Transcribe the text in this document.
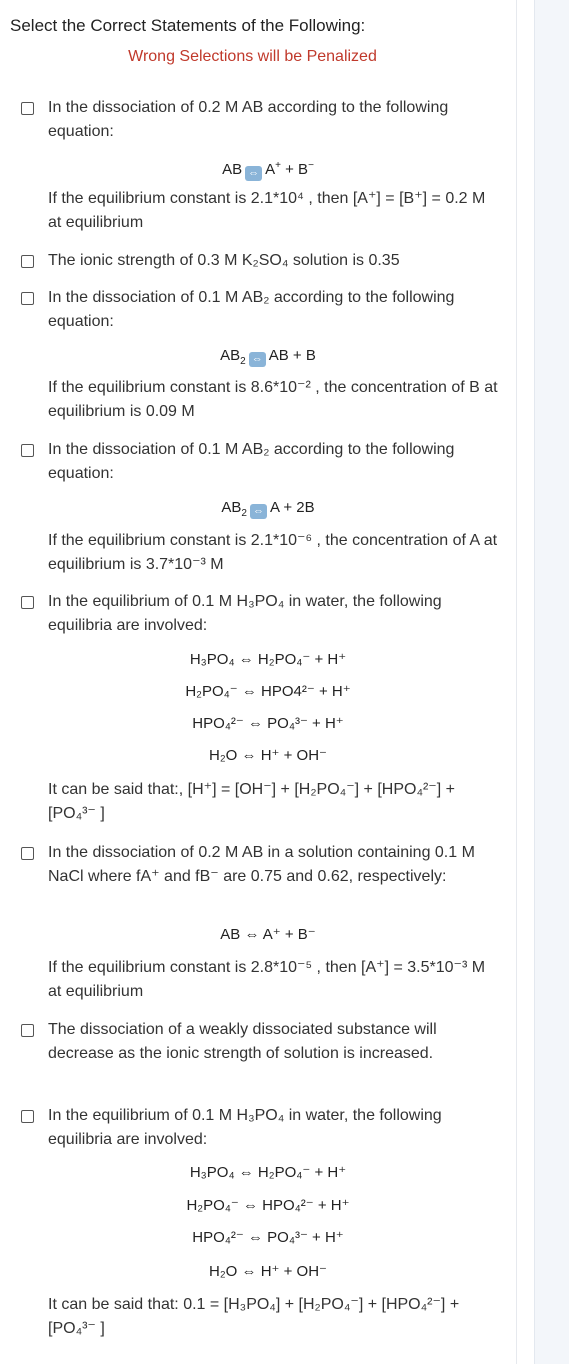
Select the Correct Statements of the Following:
Wrong Selections will be Penalized
In the dissociation of 0.2 M AB according to the following equation:
AB ⇔ A+ + B−
If the equilibrium constant is 2.1*10⁴ , then [A⁺] = [B⁺] = 0.2 M at equilibrium
The ionic strength of 0.3 M K₂SO₄ solution is 0.35
In the dissociation of 0.1 M AB₂ according to the following equation:
$AB_2$ ⇔ AB + B
If the equilibrium constant is 8.6*10⁻² , the concentration of B at equilibrium is 0.09 M
In the dissociation of 0.1 M AB₂ according to the following equation:
$AB_2$ ⇔ A + 2B
If the equilibrium constant is 2.1*10⁻⁶ , the concentration of A at equilibrium is 3.7*10⁻³ M
In the equilibrium of 0.1 M H₃PO₄ in water, the following equilibria are involved:
H₃PO₄ ⇔ H₂PO₄⁻ + H⁺
H₂PO₄⁻ ⇔ HPO4²⁻ + H⁺
HPO₄²⁻ ⇔ PO₄³⁻ + H⁺
H₂O ⇔ H⁺ + OH⁻
It can be said that:, [H⁺] = [OH⁻] + [H₂PO₄⁻] + [HPO₄²⁻] + [PO₄³⁻ ]
In the dissociation of 0.2 M AB in a solution containing 0.1 M NaCl where fA⁺ and fB⁻ are 0.75 and 0.62, respectively:
AB ⇔ A⁺ + B⁻
If the equilibrium constant is 2.8*10⁻⁵ , then [A⁺] = 3.5*10⁻³ M at equilibrium
The dissociation of a weakly dissociated substance will decrease as the ionic strength of solution is increased.
In the equilibrium of 0.1 M H₃PO₄ in water, the following equilibria are involved:
H₃PO₄ ⇔ H₂PO₄⁻ + H⁺
H₂PO₄⁻ ⇔ HPO₄²⁻ + H⁺
HPO₄²⁻ ⇔ PO₄³⁻ + H⁺
H₂O ⇔ H⁺ + OH⁻
It can be said that: 0.1 = [H₃PO₄] + [H₂PO₄⁻] + [HPO₄²⁻] + [PO₄³⁻ ]
